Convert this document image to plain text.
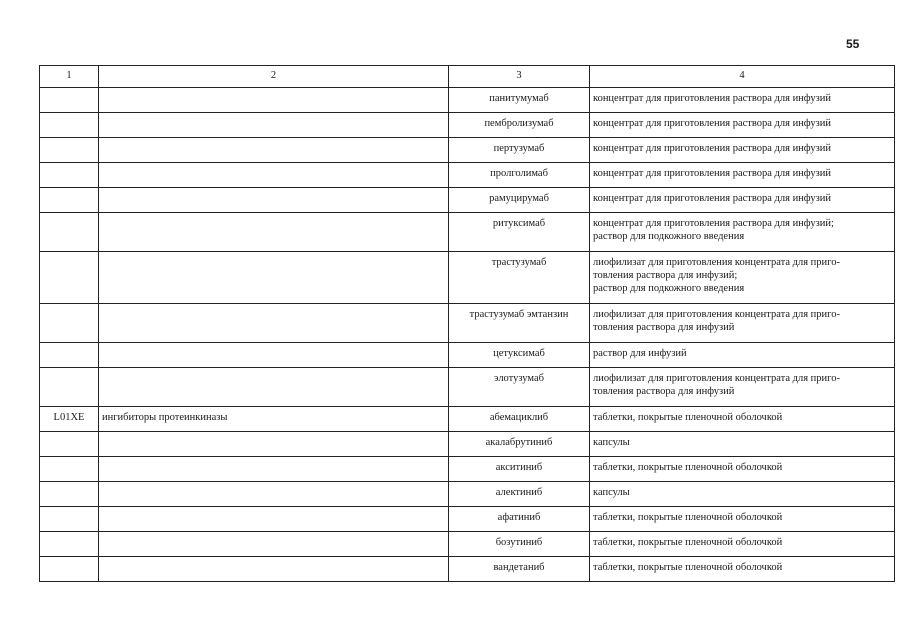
55
1	2	3	4
		панитумумаб	концентрат для приготовления раствора для инфузий

		пембролизумаб	концентрат для приготовления раствора для инфузий

		пертузумаб	концентрат для приготовления раствора для инфузий

		пролголимаб	концентрат для приготовления раствора для инфузий

		рамуцирумаб	концентрат для приготовления раствора для инфузий

		ритуксимаб	концентрат для приготовления раствора для инфузий;
раствор для подкожного введения

		трастузумаб	лиофилизат для приготовления концентрата для приго-
товления раствора для инфузий;
раствор для подкожного введения

		трастузумаб эмтанзин	лиофилизат для приготовления концентрата для приго-
товления раствора для инфузий

		цетуксимаб	раствор для инфузий

		элотузумаб	лиофилизат для приготовления концентрата для приго-
товления раствора для инфузий

L01XE	ингибиторы протеинкиназы	абемациклиб	таблетки, покрытые пленочной оболочкой

		акалабрутиниб	капсулы

		акситиниб	таблетки, покрытые пленочной оболочкой

		алектиниб	капсулы

		афатиниб	таблетки, покрытые пленочной оболочкой

		бозутиниб	таблетки, покрытые пленочной оболочкой

		вандетаниб	таблетки, покрытые пленочной оболочкой
